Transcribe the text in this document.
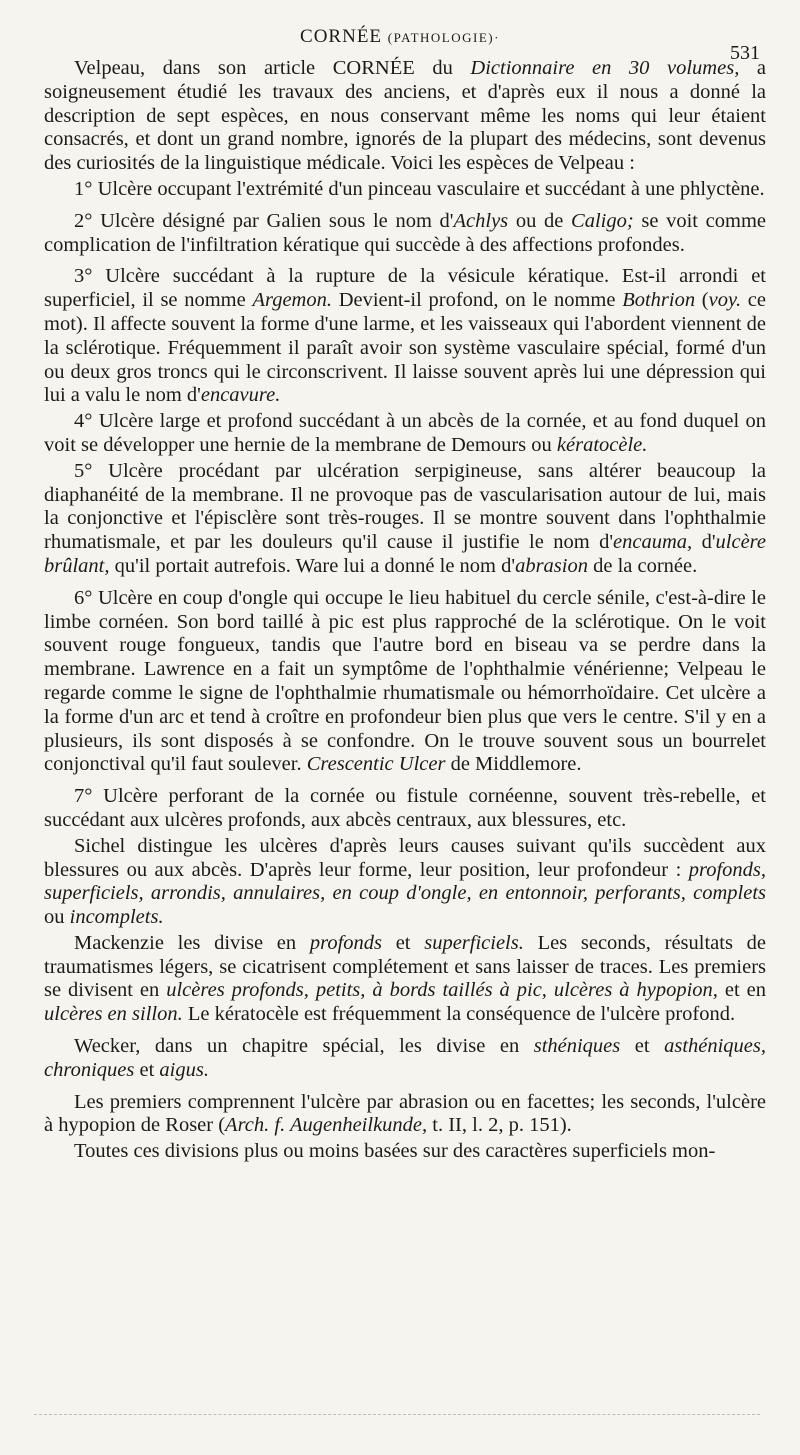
CORNÉE (PATHOLOGIE)·
531

Velpeau, dans son article CORNÉE du Dictionnaire en 30 volumes, a soigneusement étudié les travaux des anciens, et d'après eux il nous a donné la description de sept espèces, en nous conservant même les noms qui leur étaient consacrés, et dont un grand nombre, ignorés de la plupart des médecins, sont devenus des curiosités de la linguistique médicale. Voici les espèces de Velpeau :

1° Ulcère occupant l'extrémité d'un pinceau vasculaire et succédant à une phlyctène.

2° Ulcère désigné par Galien sous le nom d'Achlys ou de Caligo; se voit comme complication de l'infiltration kératique qui succède à des affections profondes.

3° Ulcère succédant à la rupture de la vésicule kératique. Est-il arrondi et superficiel, il se nomme Argemon. Devient-il profond, on le nomme Bothrion (voy. ce mot). Il affecte souvent la forme d'une larme, et les vaisseaux qui l'abordent viennent de la sclérotique. Fréquemment il paraît avoir son système vasculaire spécial, formé d'un ou deux gros troncs qui le circonscrivent. Il laisse souvent après lui une dépression qui lui a valu le nom d'encavure.

4° Ulcère large et profond succédant à un abcès de la cornée, et au fond duquel on voit se développer une hernie de la membrane de Demours ou kératocèle.

5° Ulcère procédant par ulcération serpigineuse, sans altérer beaucoup la diaphanéité de la membrane. Il ne provoque pas de vascularisation autour de lui, mais la conjonctive et l'épisclère sont très-rouges. Il se montre souvent dans l'ophthalmie rhumatismale, et par les douleurs qu'il cause il justifie le nom d'encauma, d'ulcère brûlant, qu'il portait autrefois. Ware lui a donné le nom d'abrasion de la cornée.

6° Ulcère en coup d'ongle qui occupe le lieu habituel du cercle sénile, c'est-à-dire le limbe cornéen. Son bord taillé à pic est plus rapproché de la sclérotique. On le voit souvent rouge fongueux, tandis que l'autre bord en biseau va se perdre dans la membrane. Lawrence en a fait un symptôme de l'ophthalmie vénérienne; Velpeau le regarde comme le signe de l'ophthalmie rhumatismale ou hémorrhoïdaire. Cet ulcère a la forme d'un arc et tend à croître en profondeur bien plus que vers le centre. S'il y en a plusieurs, ils sont disposés à se confondre. On le trouve souvent sous un bourrelet conjonctival qu'il faut soulever. Crescentic Ulcer de Middlemore.

7° Ulcère perforant de la cornée ou fistule cornéenne, souvent très-rebelle, et succédant aux ulcères profonds, aux abcès centraux, aux blessures, etc.

Sichel distingue les ulcères d'après leurs causes suivant qu'ils succèdent aux blessures ou aux abcès. D'après leur forme, leur position, leur profondeur : profonds, superficiels, arrondis, annulaires, en coup d'ongle, en entonnoir, perforants, complets ou incomplets.

Mackenzie les divise en profonds et superficiels. Les seconds, résultats de traumatismes légers, se cicatrisent complétement et sans laisser de traces. Les premiers se divisent en ulcères profonds, petits, à bords taillés à pic, ulcères à hypopion, et en ulcères en sillon. Le kératocèle est fréquemment la conséquence de l'ulcère profond.

Wecker, dans un chapitre spécial, les divise en sthéniques et asthéniques, chroniques et aigus.

Les premiers comprennent l'ulcère par abrasion ou en facettes; les seconds, l'ulcère à hypopion de Roser (Arch. f. Augenheilkunde, t. II, l. 2, p. 151).

Toutes ces divisions plus ou moins basées sur des caractères superficiels mon-
